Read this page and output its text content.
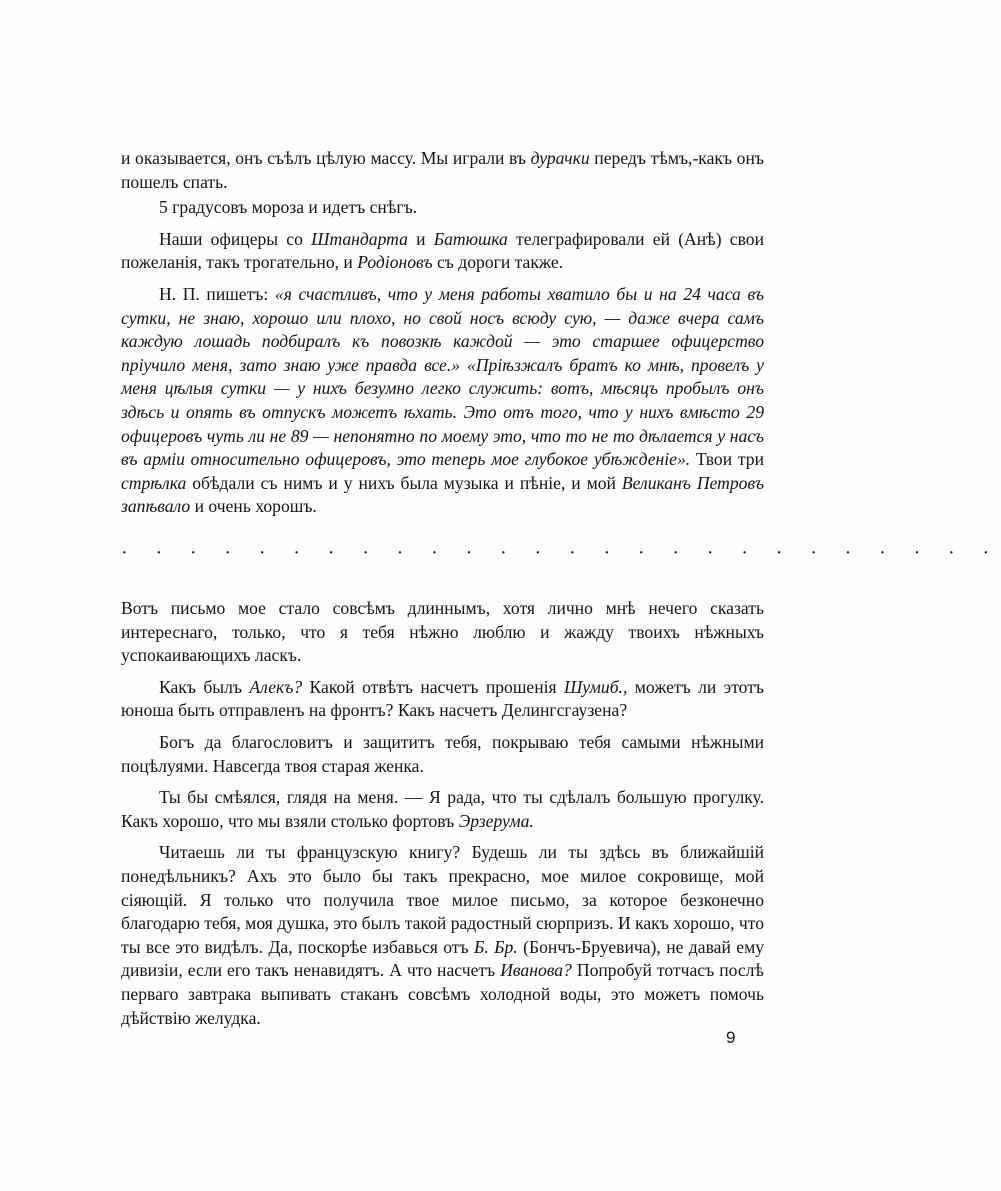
и оказывается, онъ съѣлъ цѣлую массу. Мы играли въ дурачки передъ тѣмъ,-какъ онъ пошелъ спать.

5 градусовъ мороза и идетъ снѣгъ.

Наши офицеры со Штандарта и Батюшка телеграфировали ей (Анѣ) свои пожеланія, такъ трогательно, и Родіоновъ съ дороги также.

Н. П. пишетъ: «я счастливъ, что у меня работы хватило бы и на 24 часа въ сутки, не знаю, хорошо или плохо, но свой носъ всюду сую, — даже вчера самъ каждую лошадь подбиралъ къ повозкѣ каждой — это старшее офицерство пріучило меня, зато знаю уже правда все.» «Пріѣзжалъ братъ ко мнѣ, провелъ у меня цѣлыя сутки — у нихъ безумно легко служить: вотъ, мѣсяцъ пробылъ онъ здѣсь и опять въ отпускъ можетъ ѣхать. Это отъ того, что у нихъ вмѣсто 29 офицеровъ чуть ли не 89 — непонятно по моему это, что то не то дѣлается у насъ въ арміи относительно офицеровъ, это теперь мое глубокое убѣжденіе». Твои три стрѣлка обѣдали съ нимъ и у нихъ была музыка и пѣніе, и мой Великанъ Петровъ запѣвало и очень хорошъ.

· · · · · · · · · · · · · · · · · · · · · · · · · ·

Вотъ письмо мое стало совсѣмъ длиннымъ, хотя лично мнѣ нечего сказать интереснаго, только, что я тебя нѣжно люблю и жажду твоихъ нѣжныхъ успокаивающихъ ласкъ.

Какъ былъ Алекъ? Какой отвѣтъ насчетъ прошенія Шумиб., можетъ ли этотъ юноша быть отправленъ на фронтъ? Какъ насчетъ Делингсгаузена?

Богъ да благословитъ и защититъ тебя, покрываю тебя самыми нѣжными поцѣлуями. Навсегда твоя старая женка.

Ты бы смѣялся, глядя на меня. — Я рада, что ты сдѣлалъ большую прогулку. Какъ хорошо, что мы взяли столько фортовъ Эрзерума.

Читаешь ли ты французскую книгу? Будешь ли ты здѣсь въ ближайшій понедѣльникъ? Ахъ это было бы такъ прекрасно, мое милое сокровище, мой сіяющій. Я только что получила твое милое письмо, за которое безконечно благодарю тебя, моя душка, это былъ такой радостный сюрпризъ. И какъ хорошо, что ты все это видѣлъ. Да, поскорѣе избавься отъ Б. Бр. (Бончъ-Бруевича), не давай ему дивизіи, если его такъ ненавидятъ. А что насчетъ Иванова? Попробуй тотчасъ послѣ перваго завтрака выпивать стаканъ совсѣмъ холодной воды, это можетъ помочь дѣйствію желудка.

9
